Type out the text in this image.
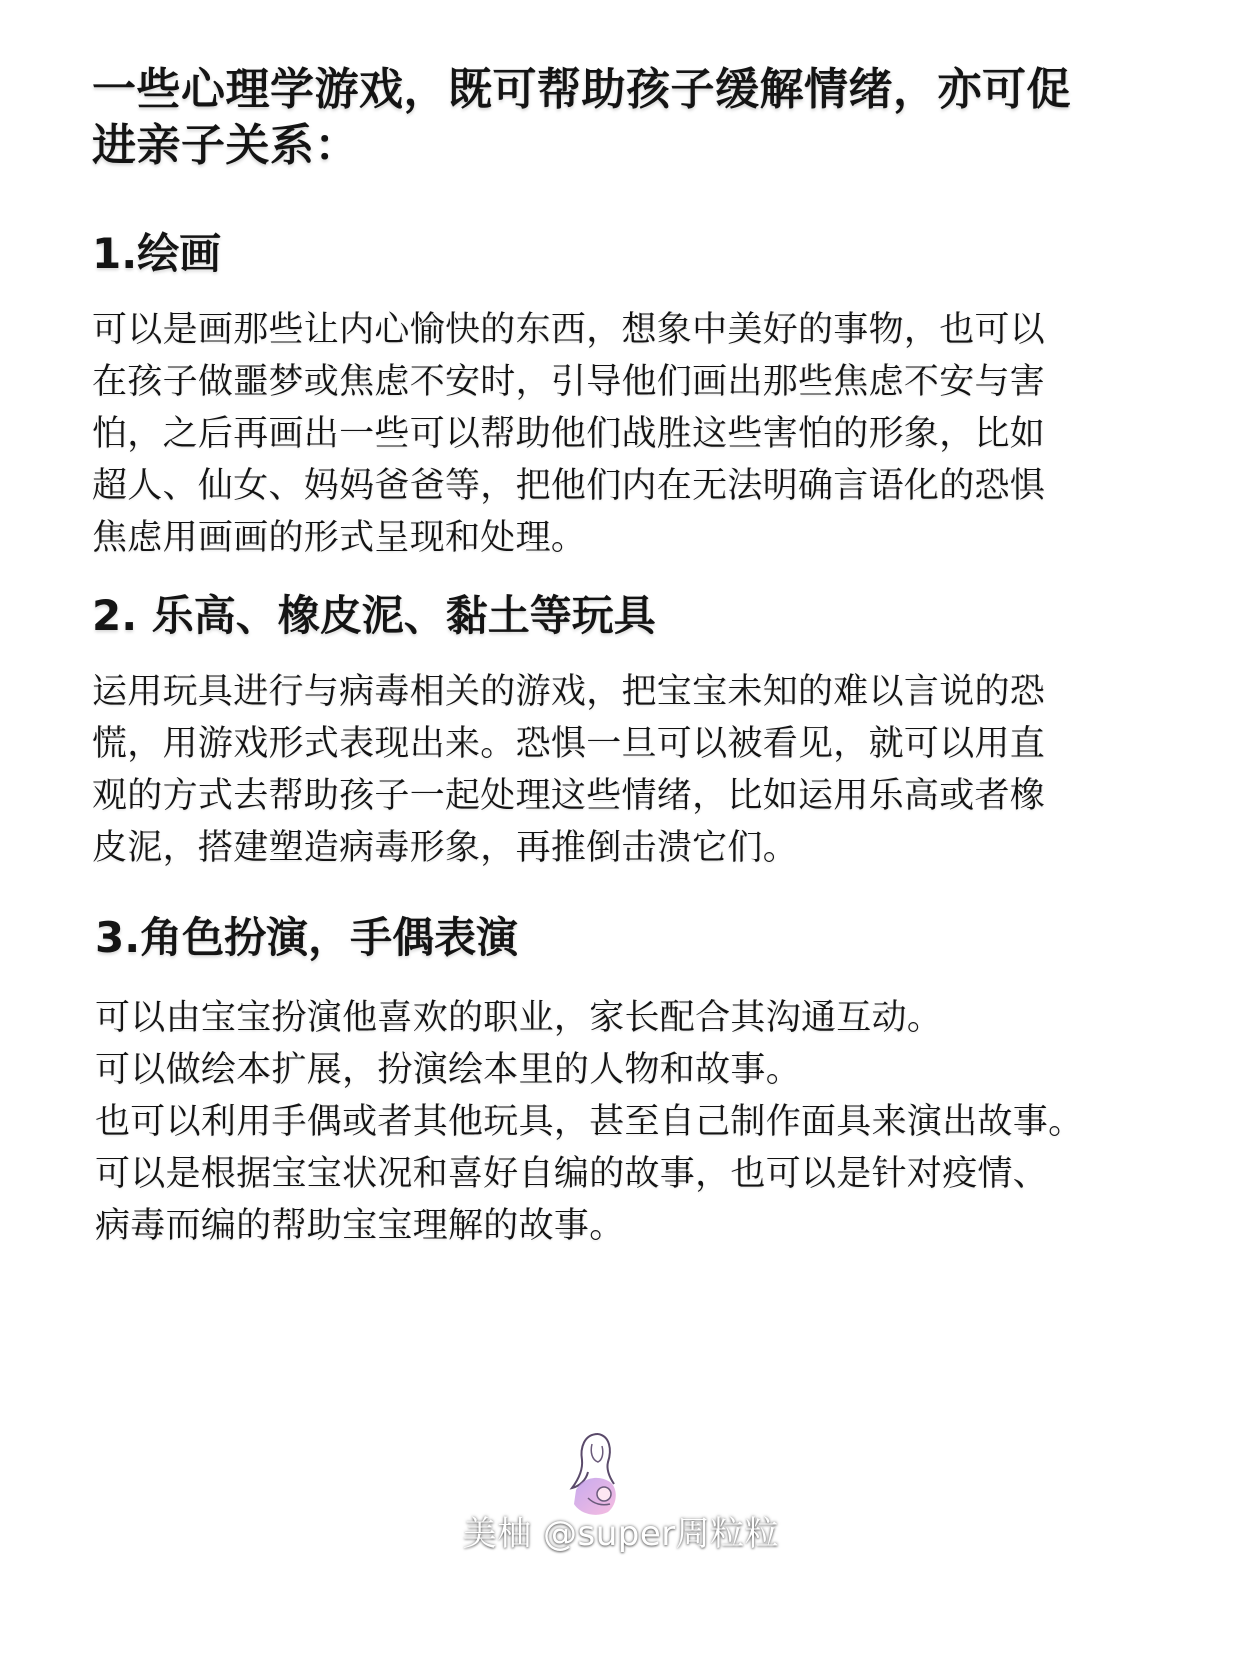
一些心理学游戏，既可帮助孩子缓解情绪，亦可促
进亲子关系：
1.绘画
可以是画那些让内心愉快的东西，想象中美好的事物，也可以
在孩子做噩梦或焦虑不安时，引导他们画出那些焦虑不安与害
怕，之后再画出一些可以帮助他们战胜这些害怕的形象，比如
超人、仙女、妈妈爸爸等，把他们内在无法明确言语化的恐惧
焦虑用画画的形式呈现和处理。
2. 乐高、橡皮泥、黏土等玩具
运用玩具进行与病毒相关的游戏，把宝宝未知的难以言说的恐
慌，用游戏形式表现出来。恐惧一旦可以被看见，就可以用直
观的方式去帮助孩子一起处理这些情绪，比如运用乐高或者橡
皮泥，搭建塑造病毒形象，再推倒击溃它们。
3.角色扮演，手偶表演
可以由宝宝扮演他喜欢的职业，家长配合其沟通互动。
可以做绘本扩展，扮演绘本里的人物和故事。
也可以利用手偶或者其他玩具，甚至自己制作面具来演出故事。
可以是根据宝宝状况和喜好自编的故事，也可以是针对疫情、
病毒而编的帮助宝宝理解的故事。
美柚 @super周粒粒
